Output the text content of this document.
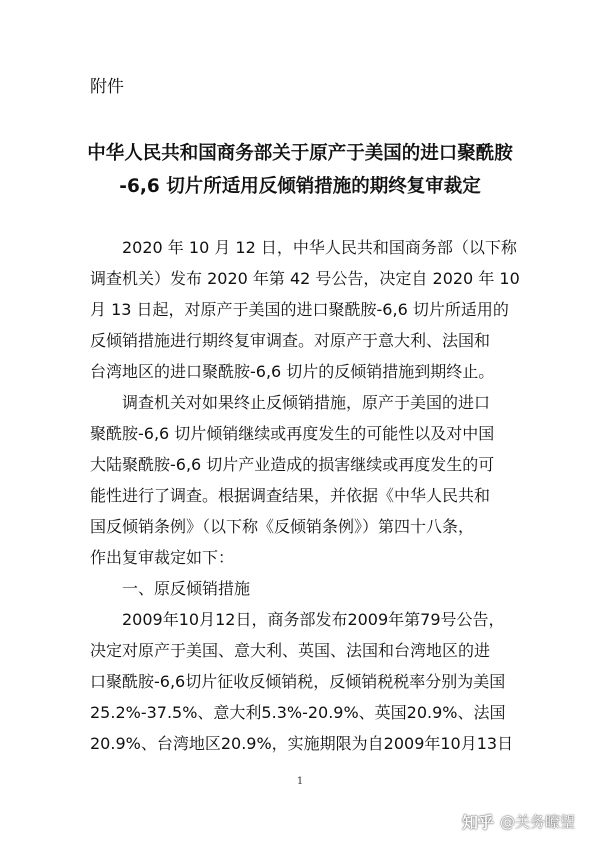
附件
中华人民共和国商务部关于原产于美国的进口聚酰胺
-6,6 切片所适用反倾销措施的期终复审裁定
　　2020 年 10 月 12 日，中华人民共和国商务部（以下称
调查机关）发布 2020 年第 42 号公告，决定自 2020 年 10
月 13 日起，对原产于美国的进口聚酰胺-6,6 切片所适用的
反倾销措施进行期终复审调查。对原产于意大利、法国和
台湾地区的进口聚酰胺-6,6 切片的反倾销措施到期终止。
　　调查机关对如果终止反倾销措施，原产于美国的进口
聚酰胺-6,6 切片倾销继续或再度发生的可能性以及对中国
大陆聚酰胺-6,6 切片产业造成的损害继续或再度发生的可
能性进行了调查。根据调查结果，并依据《中华人民共和
国反倾销条例》（以下称《反倾销条例》）第四十八条，
作出复审裁定如下：
　　一、原反倾销措施
　　2009年10月12日，商务部发布2009年第79号公告，
决定对原产于美国、意大利、英国、法国和台湾地区的进
口聚酰胺-6,6切片征收反倾销税，反倾销税税率分别为美国
25.2%-37.5%、意大利5.3%-20.9%、英国20.9%、法国
20.9%、台湾地区20.9%，实施期限为自2009年10月13日
1
知乎 @关务瞭望
